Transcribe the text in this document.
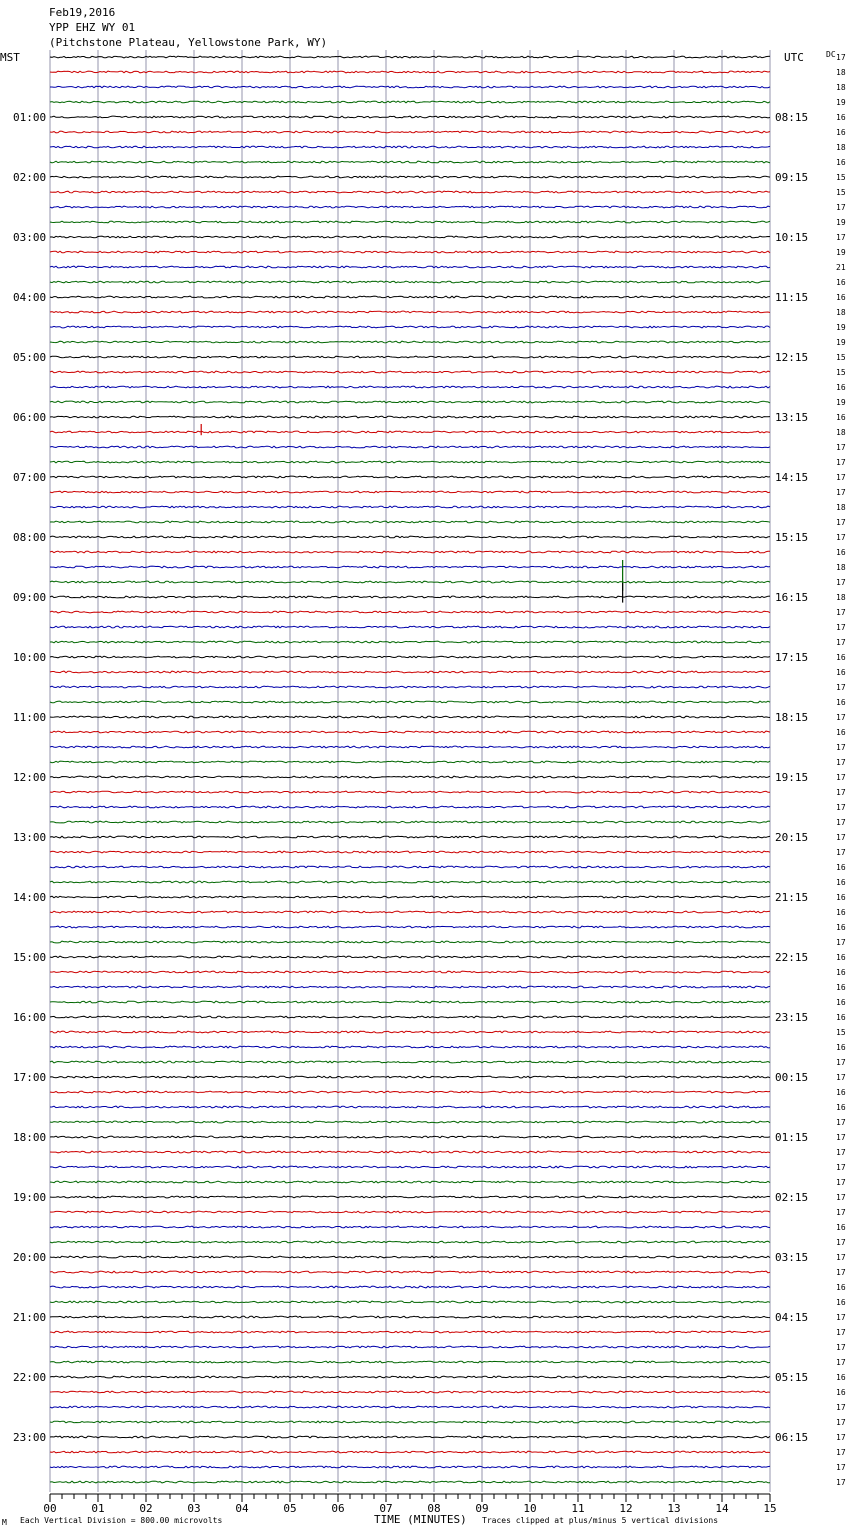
Feb19,2016
YPP EHZ WY 01
(Pitchstone Plateau, Yellowstone Park, WY)
MST	UTC	DC
01:00
02:00
03:00
04:00
05:00
06:00
07:00
08:00
09:00
10:00
11:00
12:00
13:00
14:00
15:00
16:00
17:00
18:00
19:00
20:00
21:00
22:00
23:00
08:15
09:15
10:15
11:15
12:15
13:15
14:15
15:15
16:15
17:15
18:15
19:15
20:15
21:15
22:15
23:15
00:15
01:15
02:15
03:15
04:15
05:15
06:15
17
18
18
19
16
16
18
16
15
15
17
19
17
19
21
16
16
18
19
19
15
15
16
19
16
18
17
17
17
17
18
17
17
16
18
17
18
17
17
17
16
16
17
16
17
16
17
17
17
17
17
17
17
17
16
16
16
16
16
17
16
16
16
16
16
15
16
17
17
16
16
17
17
17
17
17
17
17
16
17
17
17
16
16
17
17
17
17
16
16
17
17
17
17
17
17
00	01	02	03	04	05	06	07	08	09	10	11	12	13	14	15
M Each Vertical Division = 800.00 microvolts	TIME (MINUTES) Traces clipped at plus/minus 5 vertical divisions
